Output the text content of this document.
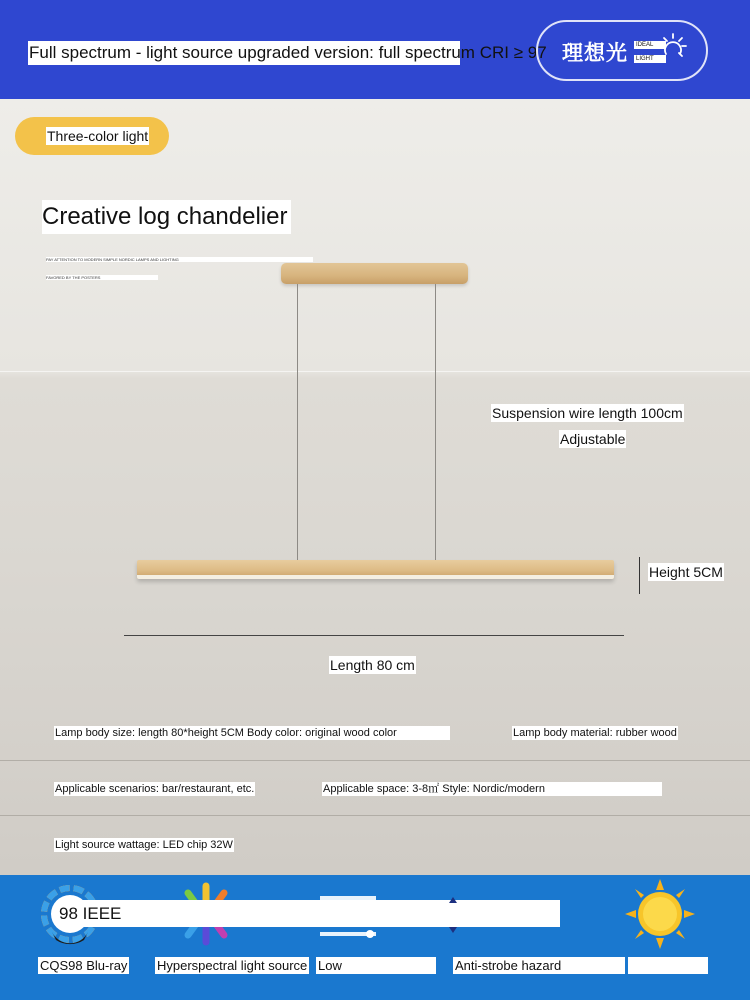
Full spectrum - light source upgraded version: full spectrum CRI ≥ 97 理想光	IDEAL
LIGHT
Three-color light
Creative log chandelier
PAY ATTENTION TO MODERN SIMPLE NORDIC LAMPS AND LIGHTING
FAVORED BY THE POSTERS
Suspension wire length 100cm
Adjustable
Height 5CM
Length 80 cm
Lamp body size: length 80*height 5CM Body color: original wood color	Lamp body material: rubber wood
Applicable scenarios: bar/restaurant, etc.	Applicable space: 3-8㎡ Style: Nordic/modern
Light source wattage: LED chip 32W
98 IEEE
CQS98 Blu-ray Hyperspectral light source Low	Anti-strobe hazard
